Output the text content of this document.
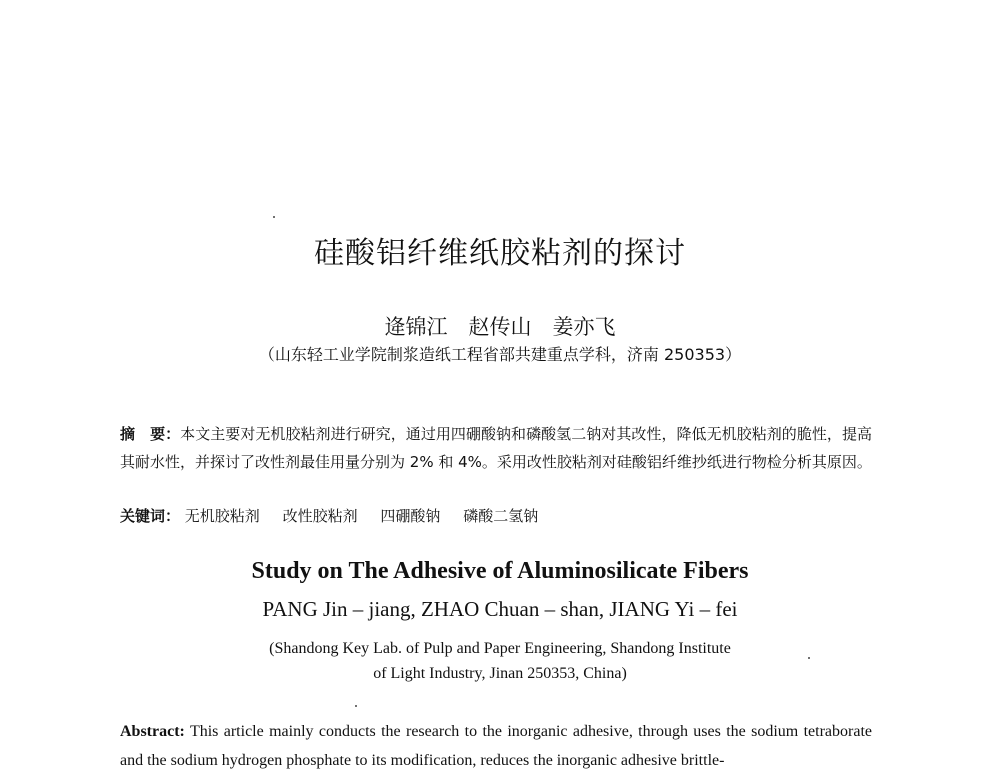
硅酸铝纤维纸胶粘剂的探讨
逄锦江　赵传山　姜亦飞
（山东轻工业学院制浆造纸工程省部共建重点学科，济南 250353）
摘　要：本文主要对无机胶粘剂进行研究，通过用四硼酸钠和磷酸氢二钠对其改性，降低无机胶粘剂的脆性，提高其耐水性，并探讨了改性剂最佳用量分别为 2% 和 4%。采用改性胶粘剂对硅酸铝纤维抄纸进行物检分析其原因。
关键词： 无机胶粘剂 改性胶粘剂 四硼酸钠 磷酸二氢钠
Study on The Adhesive of Aluminosilicate Fibers
PANG Jin – jiang, ZHAO Chuan – shan, JIANG Yi – fei
(Shandong Key Lab. of Pulp and Paper Engineering, Shandong Institute
of Light Industry, Jinan 250353, China)
Abstract: This article mainly conducts the research to the inorganic adhesive, through uses the sodium tetraborate and the sodium hydrogen phosphate to its modification, reduces the inorganic adhesive brittle-
